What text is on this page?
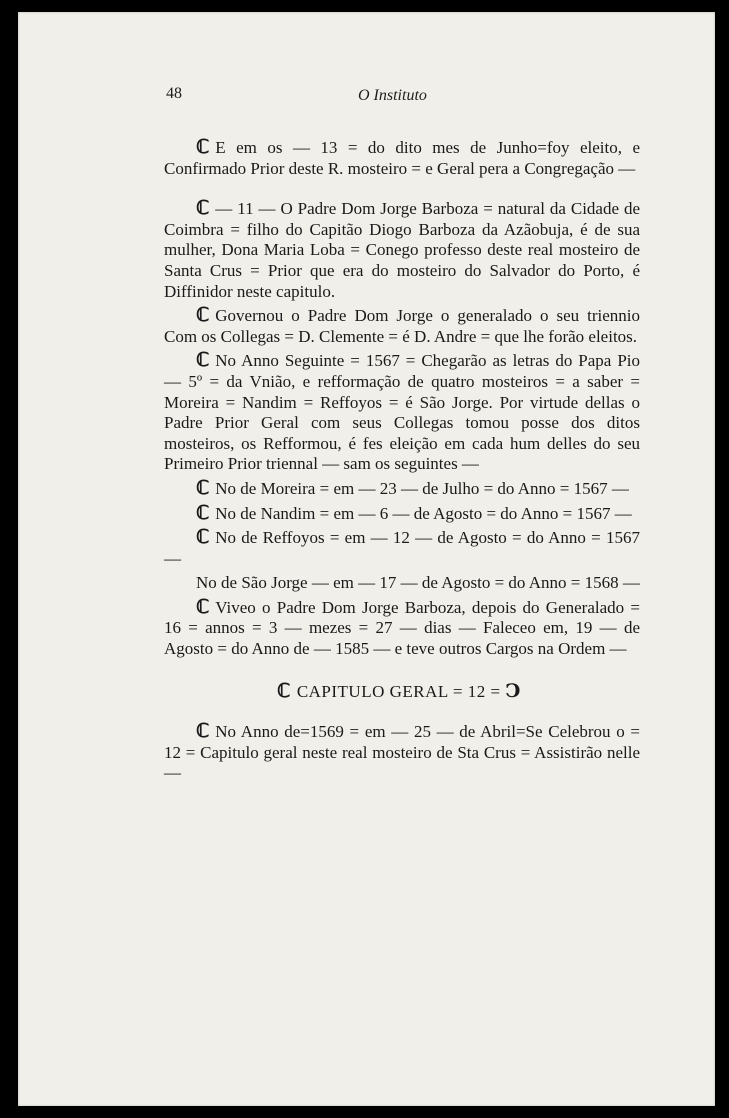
48	O Instituto

ℂ E em os — 13 = do dito mes de Junho=foy eleito, e Confirmado Prior deste R. mosteiro = e Geral pera a Congregação —

ℂ — 11 — O Padre Dom Jorge Barboza = natural da Cidade de Coimbra = filho do Capitão Diogo Barboza da Azãobuja, é de sua mulher, Dona Maria Loba = Conego professo deste real mosteiro de Santa Crus = Prior que era do mosteiro do Salvador do Porto, é Diffinidor neste capitulo.

ℂ Governou o Padre Dom Jorge o generalado o seu triennio Com os Collegas = D. Clemente = é D. Andre = que lhe forão eleitos.

ℂ No Anno Seguinte = 1567 = Chegarão as letras do Papa Pio — 5º = da Vnião, e refformação de quatro mosteiros = a saber = Moreira = Nandim = Reffoyos = é São Jorge. Por virtude dellas o Padre Prior Geral com seus Collegas tomou posse dos ditos mosteiros, os Refformou, é fes eleição em cada hum delles do seu Primeiro Prior triennal — sam os seguintes —

ℂ No de Moreira = em — 23 — de Julho = do Anno = 1567 —

ℂ No de Nandim = em — 6 — de Agosto = do Anno = 1567 —

ℂ No de Reffoyos = em — 12 — de Agosto = do Anno = 1567 —

No de São Jorge — em — 17 — de Agosto = do Anno = 1568 —

ℂ Viveo o Padre Dom Jorge Barboza, depois do Generalado = 16 = annos = 3 — mezes = 27 — dias — Faleceo em, 19 — de Agosto = do Anno de — 1585 — e teve outros Cargos na Ordem —

ℂ CAPITULO GERAL = 12 = Ↄ

ℂ No Anno de=1569 = em — 25 — de Abril=Se Celebrou o = 12 = Capitulo geral neste real mosteiro de Sta Crus = Assistirão nelle —
